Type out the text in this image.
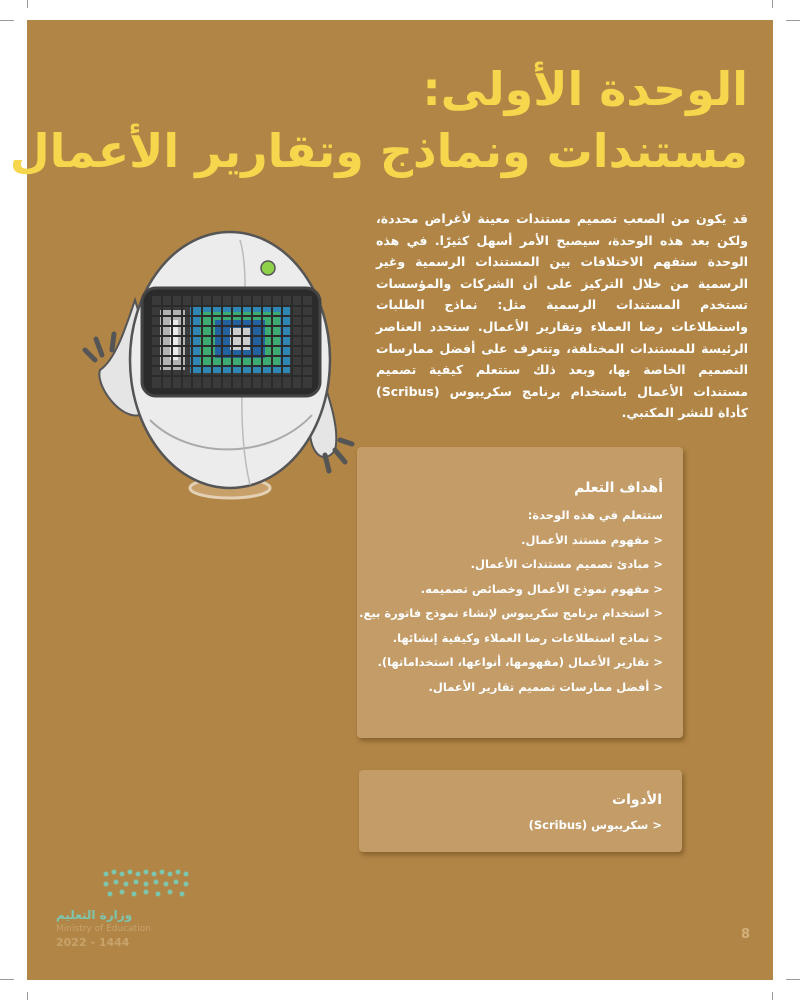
الوحدة الأولى:
مستندات ونماذج وتقارير الأعمال
قد يكون من الصعب تصميم مستندات معينة لأغراض محددة، ولكن بعد هذه الوحدة، سيصبح الأمر أسهل كثيرًا. في هذه الوحدة ستفهم الاختلافات بين المستندات الرسمية وغير الرسمية من خلال التركيز على أن الشركات والمؤسسات تستخدم المستندات الرسمية مثل: نماذج الطلبات واستطلاعات رضا العملاء وتقارير الأعمال. ستحدد العناصر الرئيسة للمستندات المختلفة، وتتعرف على أفضل ممارسات التصميم الخاصة بها، وبعد ذلك ستتعلم كيفية تصميم مستندات الأعمال باستخدام برنامج سكريبوس (Scribus) كأداة للنشر المكتبي.
أهداف التعلم
ستتعلم في هذه الوحدة:
< مفهوم مستند الأعمال.
< مبادئ تصميم مستندات الأعمال.
< مفهوم نموذج الأعمال وخصائص تصميمه.
< استخدام برنامج سكريبوس لإنشاء نموذج فاتورة بيع.
< نماذج استطلاعات رضا العملاء وكيفية إنشائها.
< تقارير الأعمال (مفهومها، أنواعها، استخداماتها).
< أفضل ممارسات تصميم تقارير الأعمال.
الأدوات
< سكريبوس (Scribus)
وزارة التعليم
Ministry of Education
2022 - 1444
8
